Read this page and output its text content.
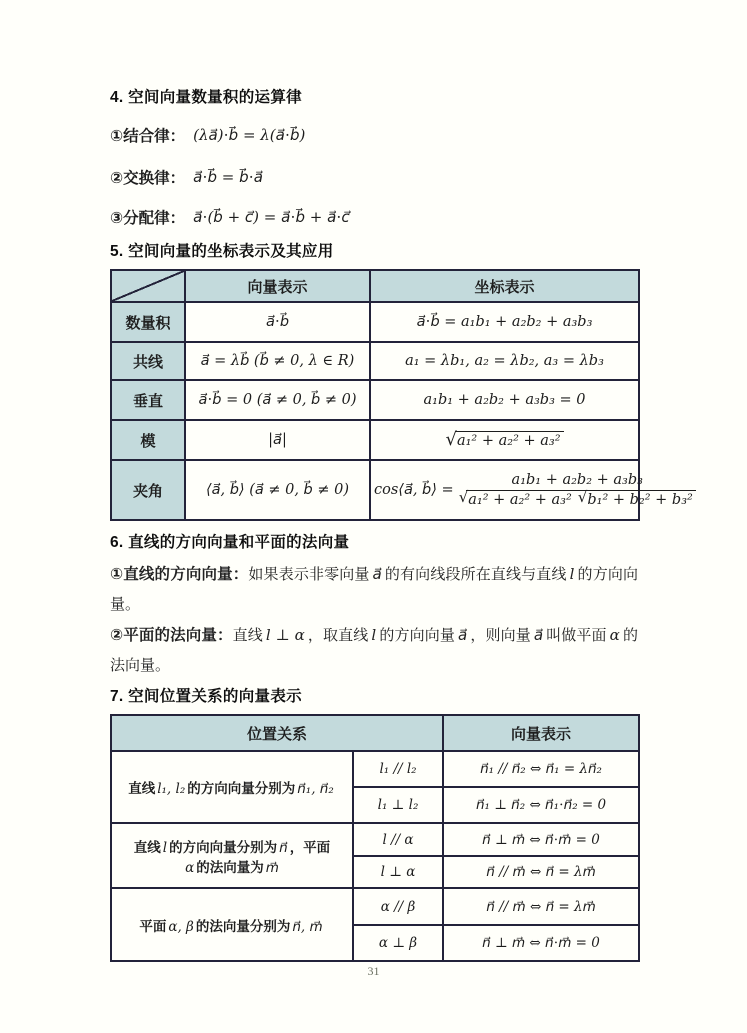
4. 空间向量数量积的运算律
①结合律： (λa⃗)⋅b⃗ = λ(a⃗⋅b⃗)
②交换律： a⃗⋅b⃗ = b⃗⋅a⃗
③分配律： a⃗⋅(b⃗ + c⃗) = a⃗⋅b⃗ + a⃗⋅c⃗
5. 空间向量的坐标表示及其应用
	向量表示	坐标表示
数量积	a⃗⋅b⃗	a⃗⋅b⃗ = a₁b₁ + a₂b₂ + a₃b₃
共线	a⃗ = λb⃗ (b⃗ ≠ 0, λ ∈ R)	a₁ = λb₁, a₂ = λb₂, a₃ = λb₃
垂直	a⃗⋅b⃗ = 0 (a⃗ ≠ 0, b⃗ ≠ 0)	a₁b₁ + a₂b₂ + a₃b₃ = 0
模	|a⃗|	√ a₁² + a₂² + a₃²

夹角	⟨a⃗, b⃗⟩ (a⃗ ≠ 0, b⃗ ≠ 0)	cos⟨a⃗, b⃗⟩ = $\frac{\text{a₁b₁ + a₂b₂ + a₃b₃}}{\text{√ a₁² + a₂² + a₃² √ b₁² + b₂² + b₃²}}$
6. 直线的方向向量和平面的法向量
①直线的方向向量：如果表示非零向量 a⃗ 的有向线段所在直线与直线 l 的方向向量。
②平面的法向量：直线 l ⊥ α ，取直线 l 的方向向量 a⃗ ，则向量 a⃗ 叫做平面 α 的法向量。
7. 空间位置关系的向量表示
位置关系		向量表示
直线 l₁, l₂ 的方向向量分别为 n⃗₁, n⃗₂	l₁ // l₂	n⃗₁ // n⃗₂ ⇔ n⃗₁ = λn⃗₂
	l₁ ⊥ l₂	n⃗₁ ⊥ n⃗₂ ⇔ n⃗₁⋅n⃗₂ = 0

直线 l 的方向向量分别为 n⃗ ，平面
α 的法向量为 m⃗	l // α	n⃗ ⊥ m⃗ ⇔ n⃗⋅m⃗ = 0
	l ⊥ α	n⃗ // m⃗ ⇔ n⃗ = λm⃗
平面 α, β 的法向量分别为 n⃗, m⃗	α // β	n⃗ // m⃗ ⇔ n⃗ = λm⃗
	α ⊥ β	n⃗ ⊥ m⃗ ⇔ n⃗⋅m⃗ = 0
31
